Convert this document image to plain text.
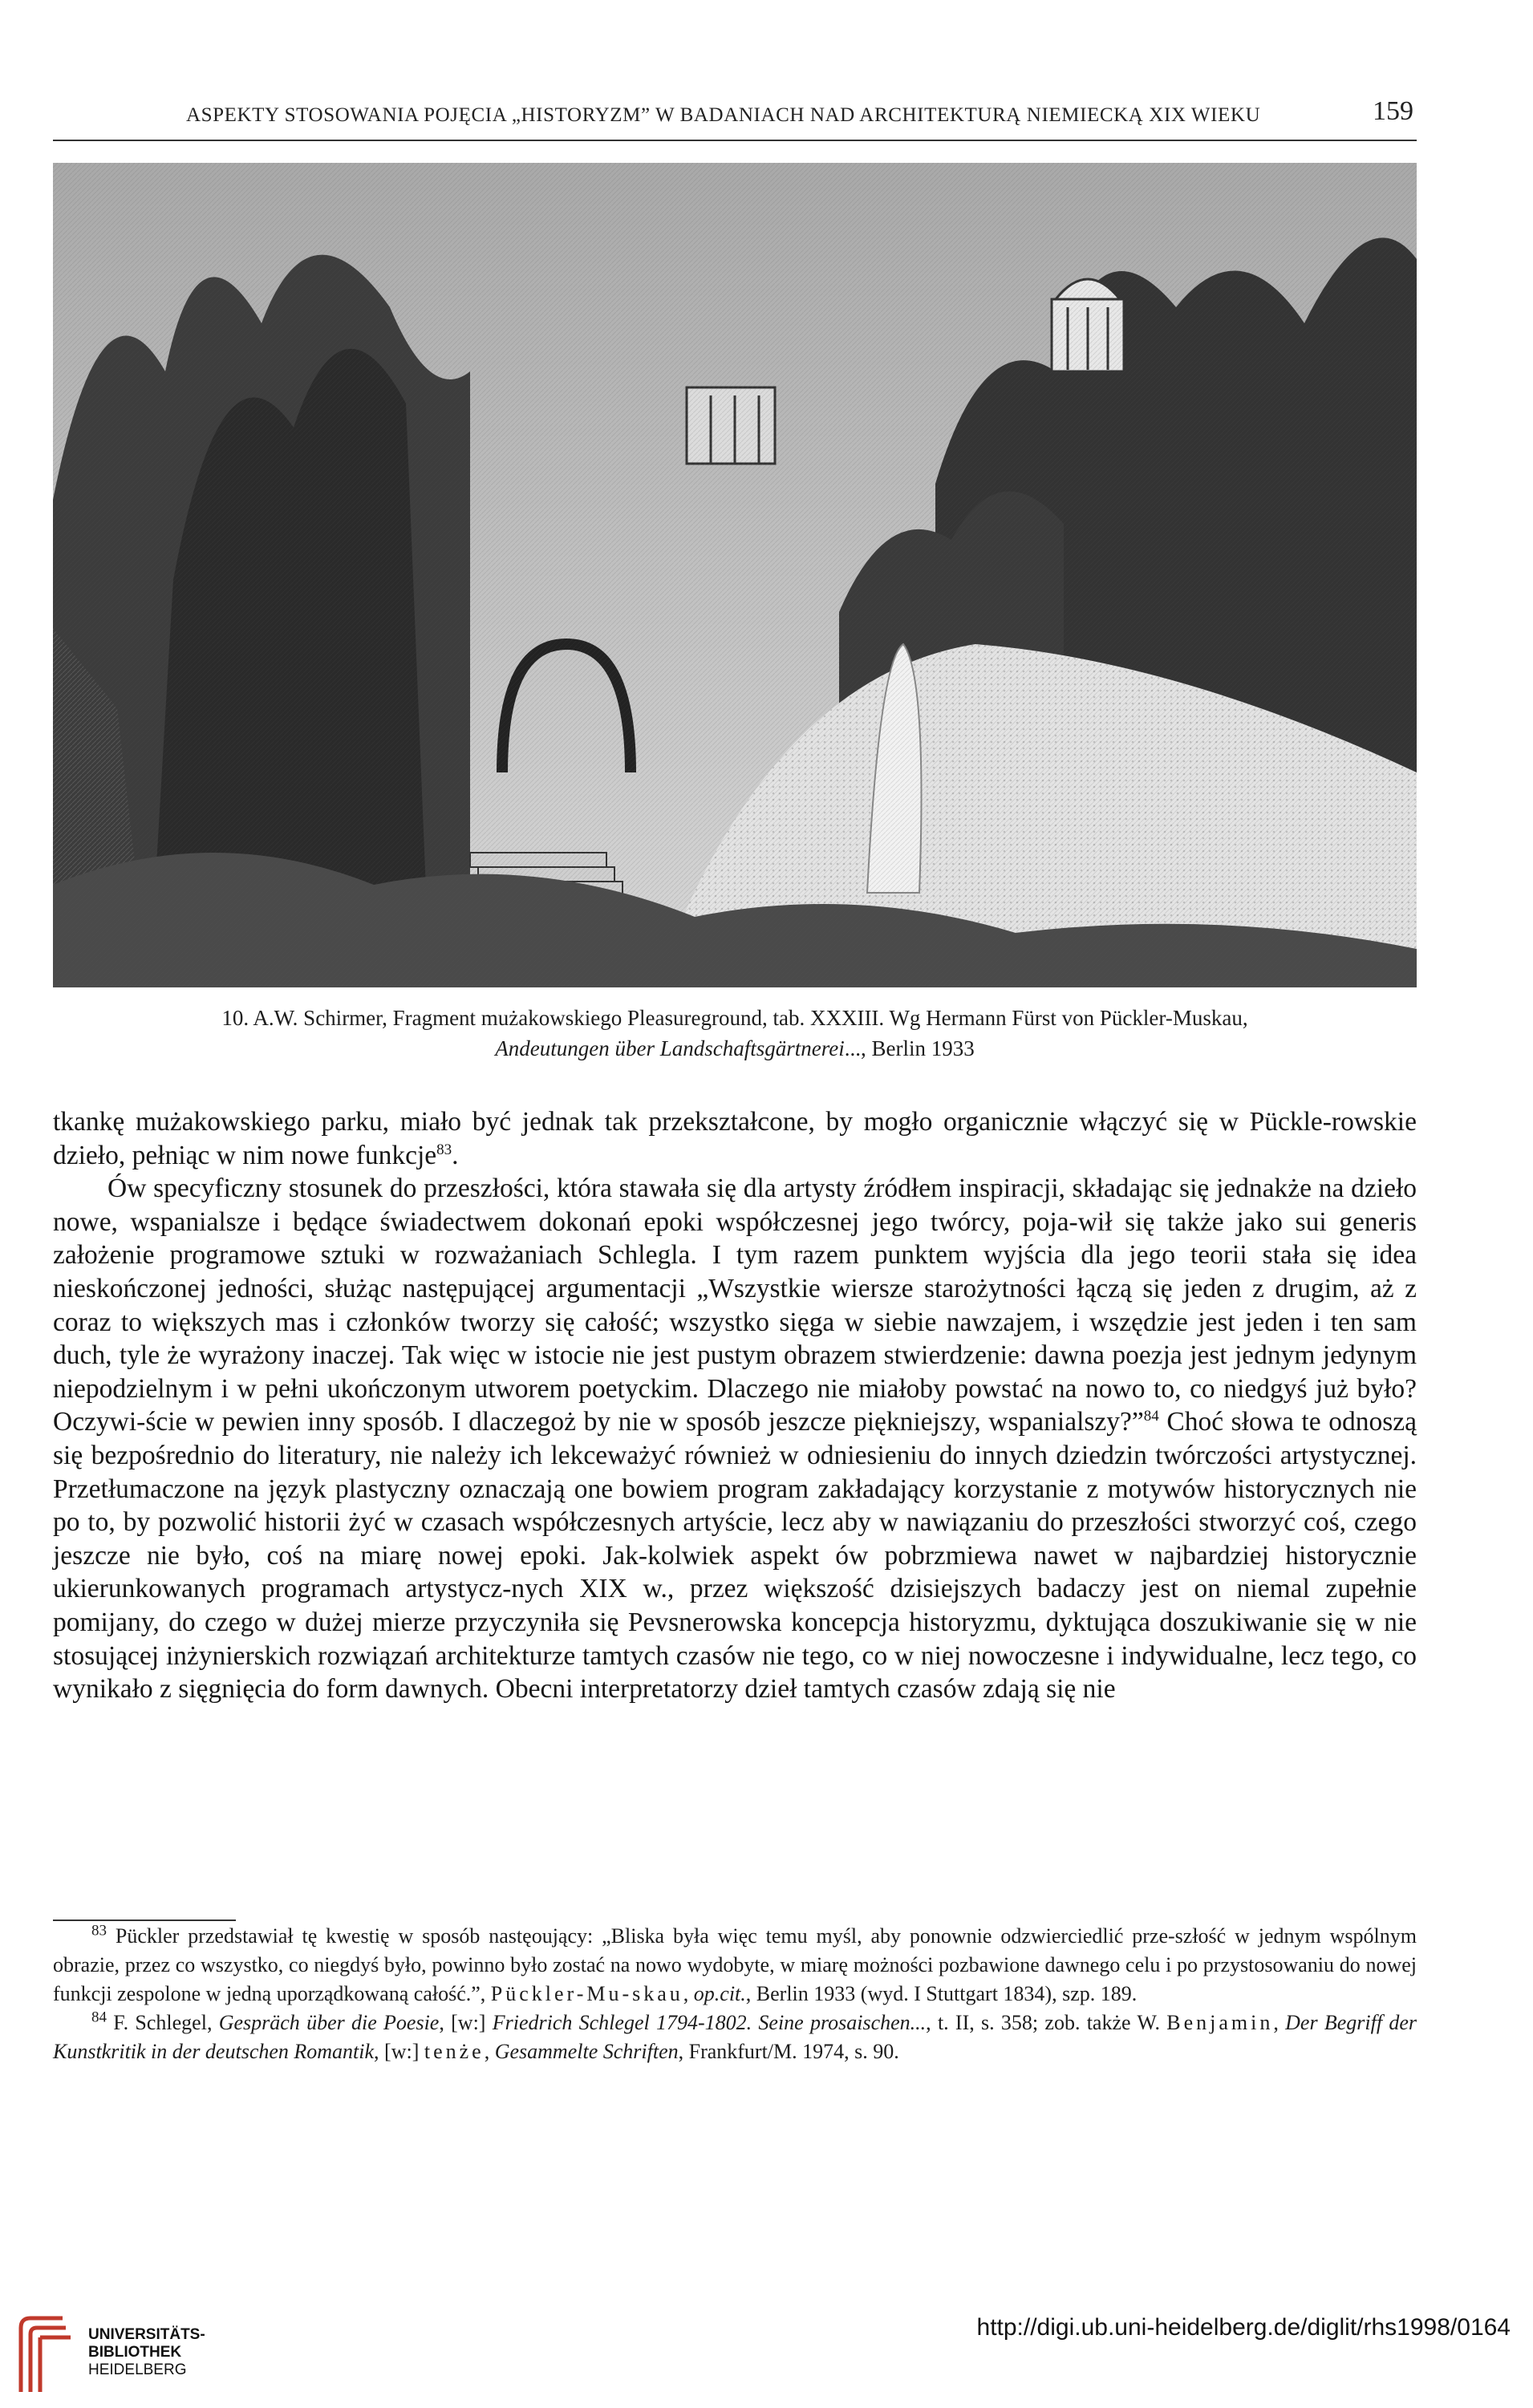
ASPEKTY STOSOWANIA POJĘCIA „HISTORYZM” W BADANIACH NAD ARCHITEKTURĄ NIEMIECKĄ XIX WIEKU	159
10. A.W. Schirmer, Fragment mużakowskiego Pleasureground, tab. XXXIII. Wg Hermann Fürst von Pückler-Muskau,
Andeutungen über Landschaftsgärtnerei..., Berlin 1933

tkankę mużakowskiego parku, miało być jednak tak przekształcone, by mogło organicznie włączyć się w Pückle-rowskie dzieło, pełniąc w nim nowe funkcje$^{83}$.

Ów specyficzny stosunek do przeszłości, która stawała się dla artysty źródłem inspiracji, składając się jednakże na dzieło nowe, wspanialsze i będące świadectwem dokonań epoki współczesnej jego twórcy, poja-wił się także jako sui generis założenie programowe sztuki w rozważaniach Schlegla. I tym razem punktem wyjścia dla jego teorii stała się idea nieskończonej jedności, służąc następującej argumentacji „Wszystkie wiersze starożytności łączą się jeden z drugim, aż z coraz to większych mas i członków tworzy się całość; wszystko sięga w siebie nawzajem, i wszędzie jest jeden i ten sam duch, tyle że wyrażony inaczej. Tak więc w istocie nie jest pustym obrazem stwierdzenie: dawna poezja jest jednym jedynym niepodzielnym i w pełni ukończonym utworem poetyckim. Dlaczego nie miałoby powstać na nowo to, co niedgyś już było? Oczywi-ście w pewien inny sposób. I dlaczegoż by nie w sposób jeszcze piękniejszy, wspanialszy?”$^{84}$ Choć słowa te odnoszą się bezpośrednio do literatury, nie należy ich lekceważyć również w odniesieniu do innych dziedzin twórczości artystycznej. Przetłumaczone na język plastyczny oznaczają one bowiem program zakładający korzystanie z motywów historycznych nie po to, by pozwolić historii żyć w czasach współczesnych artyście, lecz aby w nawiązaniu do przeszłości stworzyć coś, czego jeszcze nie było, coś na miarę nowej epoki. Jak-kolwiek aspekt ów pobrzmiewa nawet w najbardziej historycznie ukierunkowanych programach artystycz-nych XIX w., przez większość dzisiejszych badaczy jest on niemal zupełnie pomijany, do czego w dużej mierze przyczyniła się Pevsnerowska koncepcja historyzmu, dyktująca doszukiwanie się w nie stosującej inżynierskich rozwiązań architekturze tamtych czasów nie tego, co w niej nowoczesne i indywidualne, lecz tego, co wynikało z sięgnięcia do form dawnych. Obecni interpretatorzy dzieł tamtych czasów zdają się nie

$^{83}$ Pückler przedstawiał tę kwestię w sposób nastęoujący: „Bliska była więc temu myśl, aby ponownie odzwierciedlić prze-szłość w jednym wspólnym obrazie, przez co wszystko, co niegdyś było, powinno było zostać na nowo wydobyte, w miarę możności pozbawione dawnego celu i po przystosowaniu do nowej funkcji zespolone w jedną uporządkowaną całość.”, Pückler-Mu-skau, op.cit., Berlin 1933 (wyd. I Stuttgart 1834), szp. 189.

$^{84}$ F. Schlegel, Gespräch über die Poesie, [w:] Friedrich Schlegel 1794-1802. Seine prosaischen..., t. II, s. 358; zob. także W. Benjamin, Der Begriff der Kunstkritik in der deutschen Romantik, [w:] tenże, Gesammelte Schriften, Frankfurt/M. 1974, s. 90.

UNIVERSITÄTS-
BIBLIOTHEK
HEIDELBERG
http://digi.ub.uni-heidelberg.de/diglit/rhs1998/0164
